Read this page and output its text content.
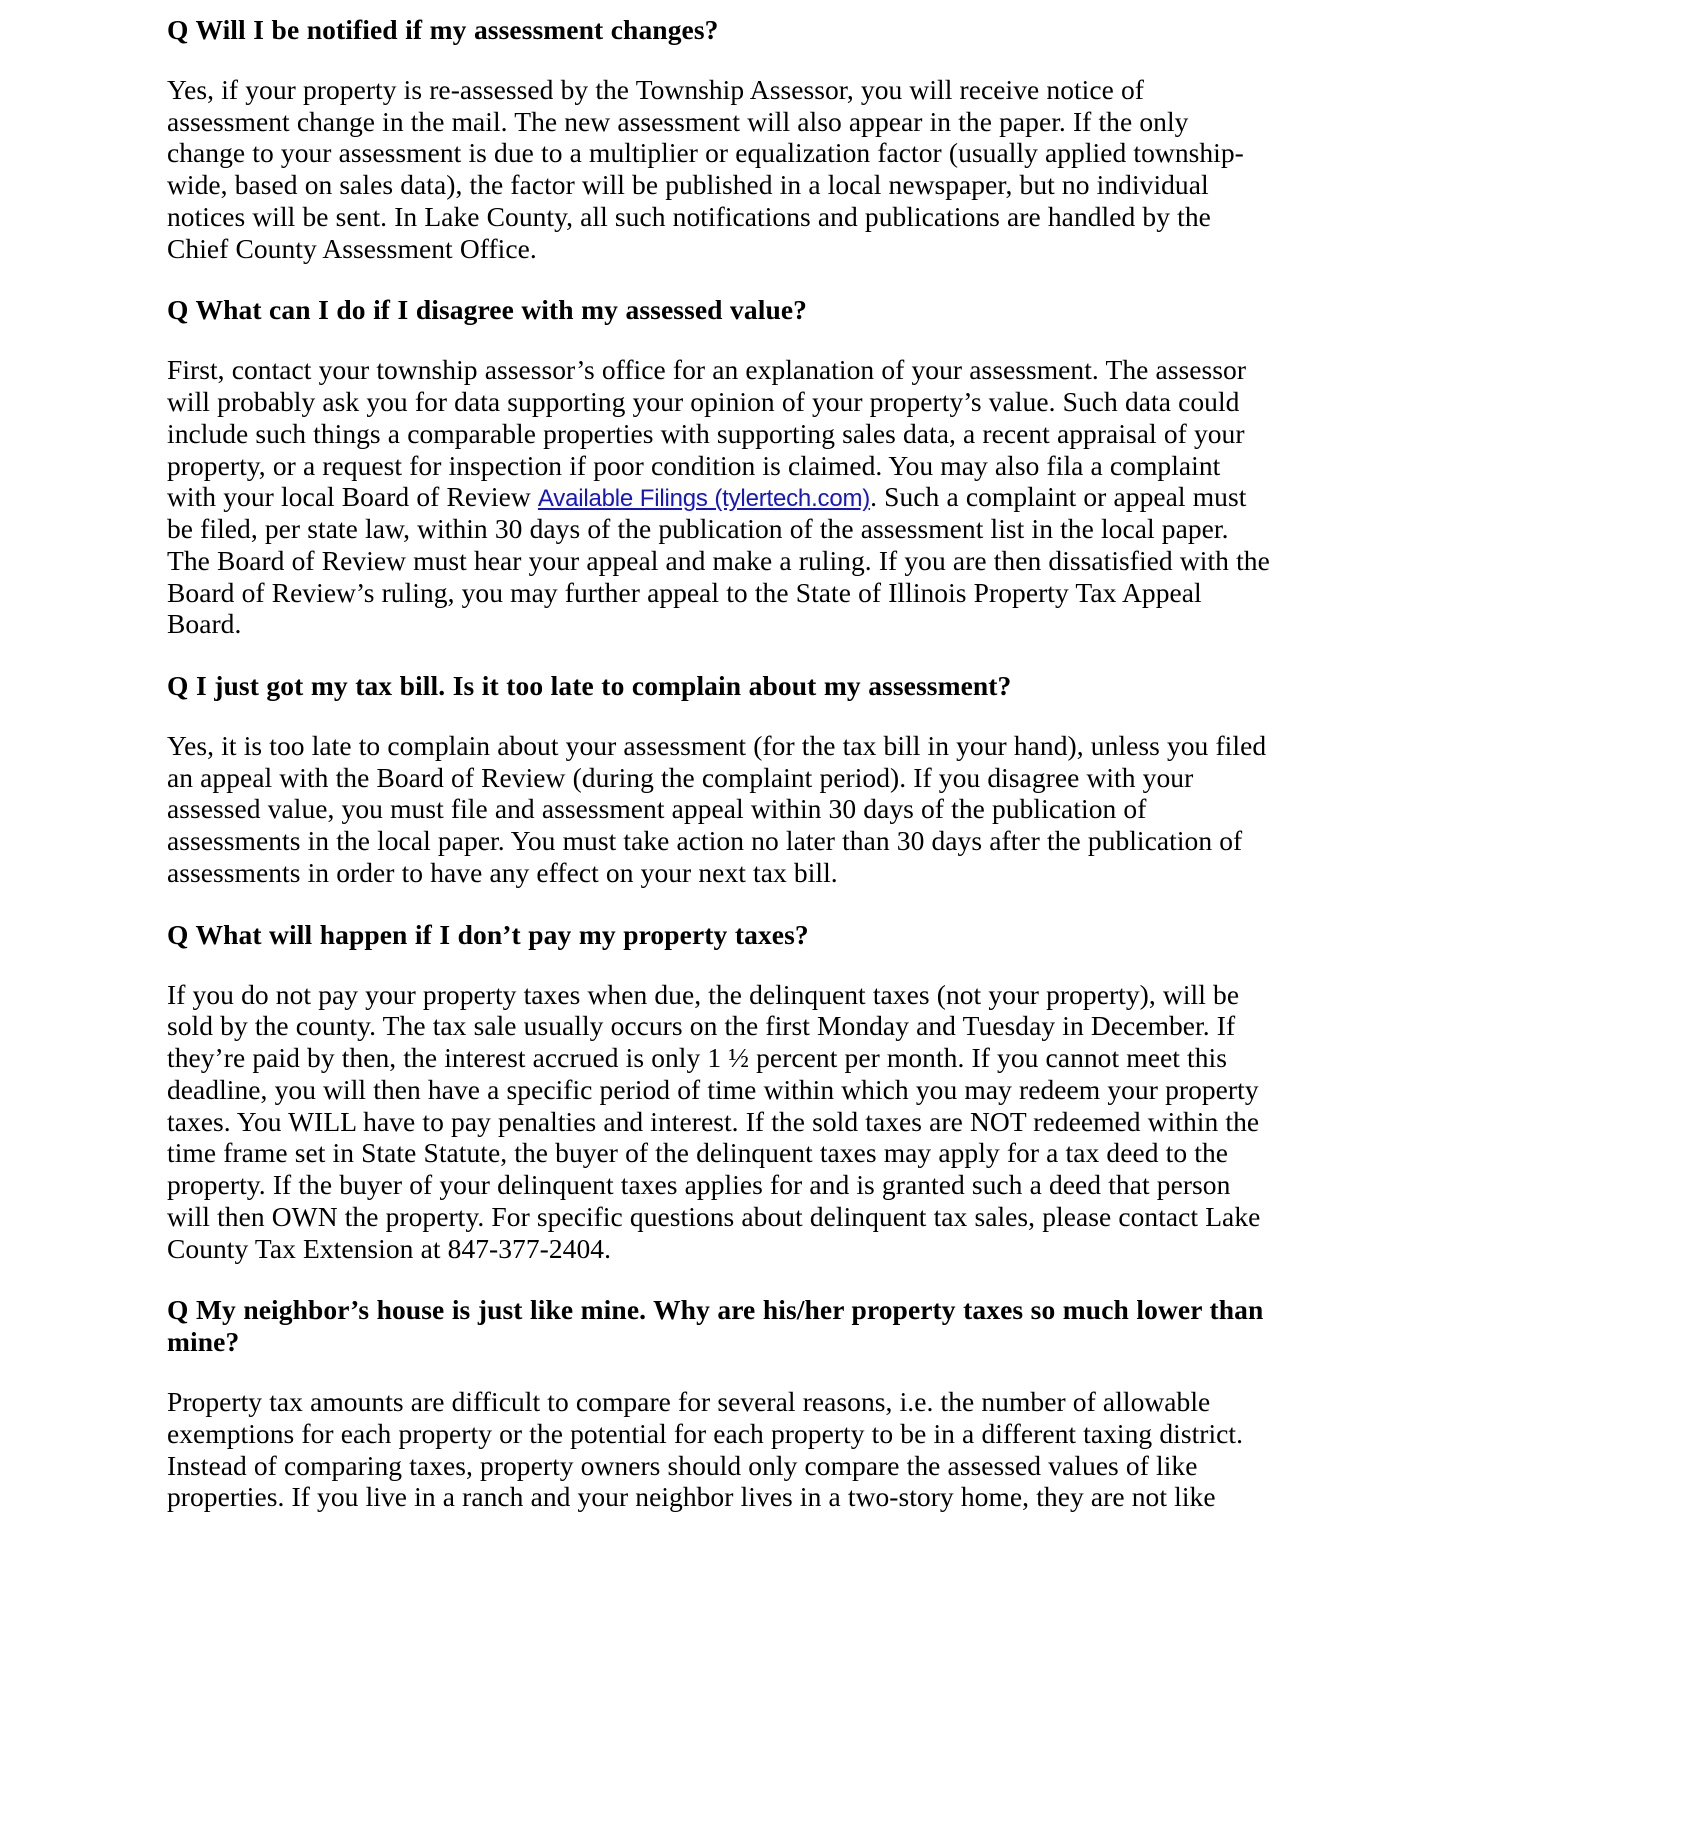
Q Will I be notified if my assessment changes?
Yes, if your property is re-assessed by the Township Assessor, you will receive notice of assessment change in the mail. The new assessment will also appear in the paper. If the only change to your assessment is due to a multiplier or equalization factor (usually applied township-wide, based on sales data), the factor will be published in a local newspaper, but no individual notices will be sent. In Lake County, all such notifications and publications are handled by the Chief County Assessment Office.
Q What can I do if I disagree with my assessed value?
First, contact your township assessor’s office for an explanation of your assessment. The assessor will probably ask you for data supporting your opinion of your property’s value. Such data could include such things a comparable properties with supporting sales data, a recent appraisal of your property, or a request for inspection if poor condition is claimed. You may also fila a complaint with your local Board of Review Available Filings (tylertech.com). Such a complaint or appeal must be filed, per state law, within 30 days of the publication of the assessment list in the local paper. The Board of Review must hear your appeal and make a ruling. If you are then dissatisfied with the Board of Review’s ruling, you may further appeal to the State of Illinois Property Tax Appeal Board.
Q I just got my tax bill. Is it too late to complain about my assessment?
Yes, it is too late to complain about your assessment (for the tax bill in your hand), unless you filed an appeal with the Board of Review (during the complaint period). If you disagree with your assessed value, you must file and assessment appeal within 30 days of the publication of assessments in the local paper. You must take action no later than 30 days after the publication of assessments in order to have any effect on your next tax bill.
Q What will happen if I don’t pay my property taxes?
If you do not pay your property taxes when due, the delinquent taxes (not your property), will be sold by the county. The tax sale usually occurs on the first Monday and Tuesday in December. If they’re paid by then, the interest accrued is only 1 ½ percent per month. If you cannot meet this deadline, you will then have a specific period of time within which you may redeem your property taxes. You WILL have to pay penalties and interest. If the sold taxes are NOT redeemed within the time frame set in State Statute, the buyer of the delinquent taxes may apply for a tax deed to the property. If the buyer of your delinquent taxes applies for and is granted such a deed that person will then OWN the property. For specific questions about delinquent tax sales, please contact Lake County Tax Extension at 847-377-2404.
Q My neighbor’s house is just like mine. Why are his/her property taxes so much lower than mine?
Property tax amounts are difficult to compare for several reasons, i.e. the number of allowable exemptions for each property or the potential for each property to be in a different taxing district. Instead of comparing taxes, property owners should only compare the assessed values of like properties. If you live in a ranch and your neighbor lives in a two-story home, they are not like
